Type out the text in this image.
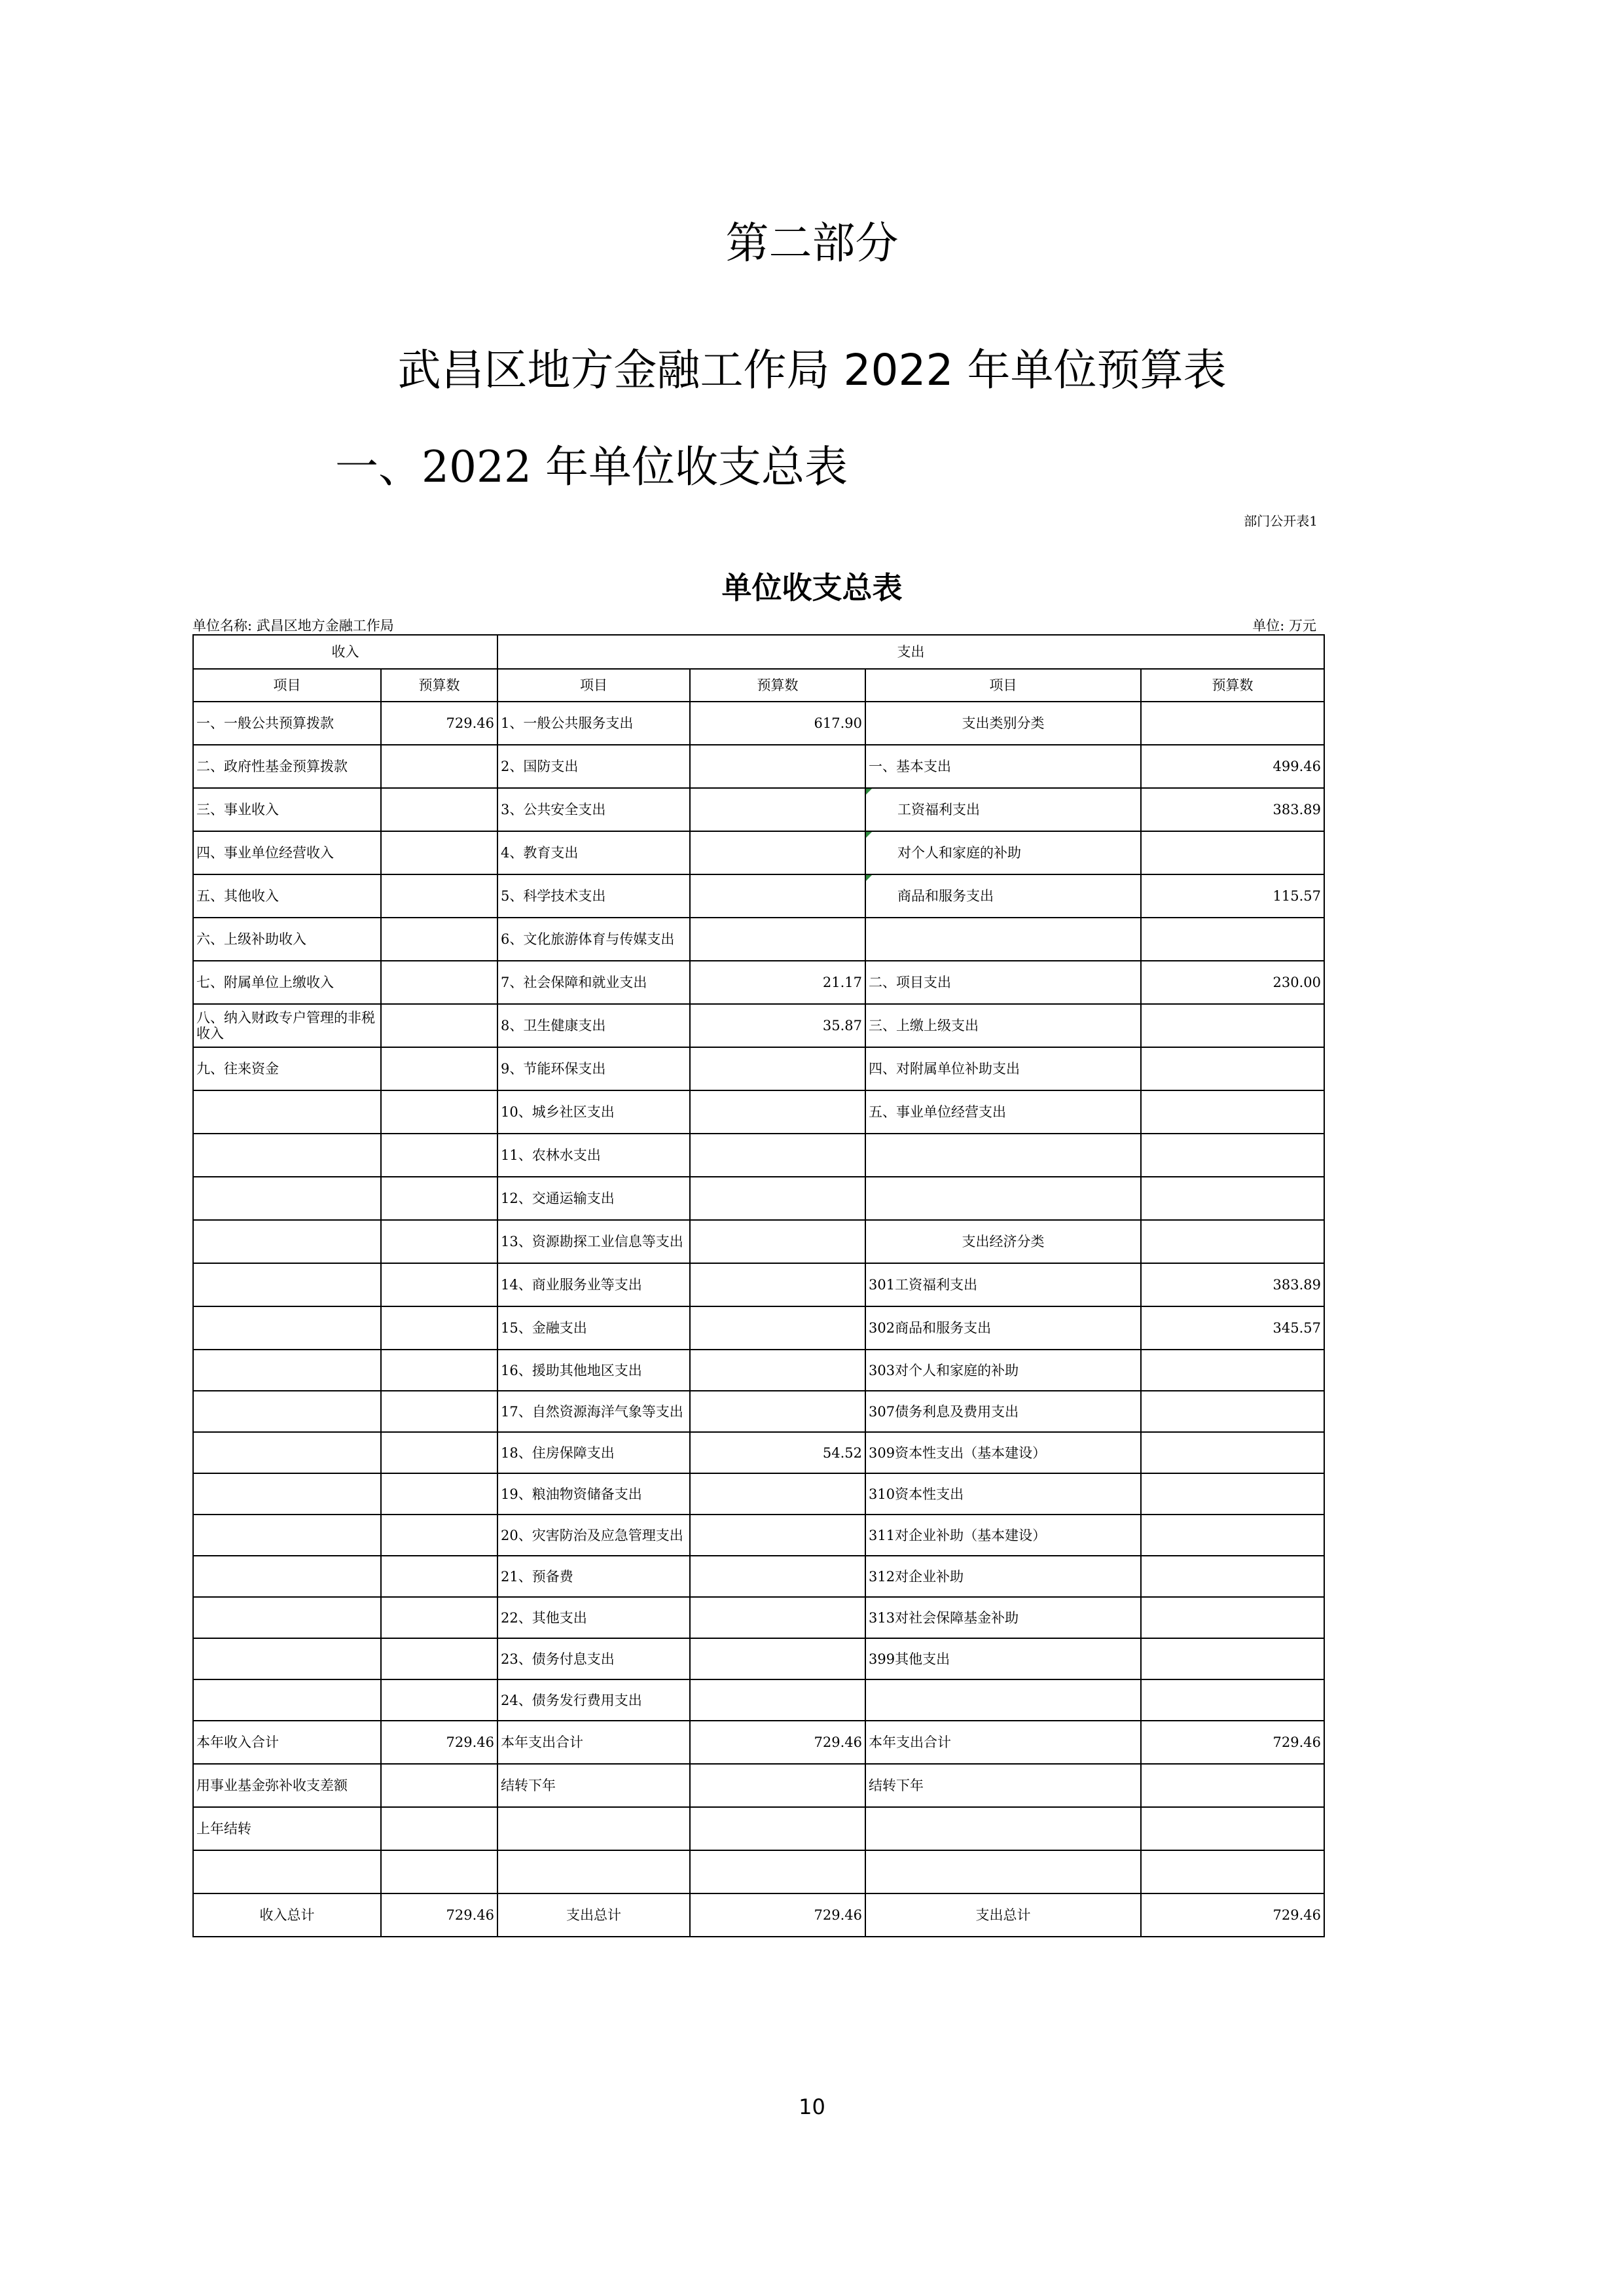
第二部分
武昌区地方金融工作局 2022 年单位预算表
一、2022 年单位收支总表
部门公开表1
单位收支总表
单位名称: 武昌区地方金融工作局	单位: 万元
收入		支出			
项目	预算数	项目	预算数	项目	预算数
一、一般公共预算拨款	729.46	1、一般公共服务支出	617.90	支出类别分类	
二、政府性基金预算拨款		2、国防支出		一、基本支出	499.46
三、事业收入		3、公共安全支出		工资福利支出	383.89
四、事业单位经营收入		4、教育支出		对个人和家庭的补助	
五、其他收入		5、科学技术支出		商品和服务支出	115.57
六、上级补助收入		6、文化旅游体育与传媒支出			
七、附属单位上缴收入		7、社会保障和就业支出	21.17	二、项目支出	230.00
八、纳入财政专户管理的非税收入		8、卫生健康支出	35.87	三、上缴上级支出	
九、往来资金		9、节能环保支出		四、对附属单位补助支出	
		10、城乡社区支出		五、事业单位经营支出	
		11、农林水支出			
		12、交通运输支出			
		13、资源勘探工业信息等支出		支出经济分类	
		14、商业服务业等支出		301工资福利支出	383.89
		15、金融支出		302商品和服务支出	345.57
		16、援助其他地区支出		303对个人和家庭的补助	
		17、自然资源海洋气象等支出		307债务利息及费用支出	
		18、住房保障支出	54.52	309资本性支出（基本建设）	
		19、粮油物资储备支出		310资本性支出	
		20、灾害防治及应急管理支出		311对企业补助（基本建设）	
		21、预备费		312对企业补助	
		22、其他支出		313对社会保障基金补助	
		23、债务付息支出		399其他支出	
		24、债务发行费用支出			
本年收入合计	729.46	本年支出合计	729.46	本年支出合计	729.46
用事业基金弥补收支差额		结转下年		结转下年	
上年结转					

收入总计	729.46	支出总计	729.46	支出总计	729.46
10
